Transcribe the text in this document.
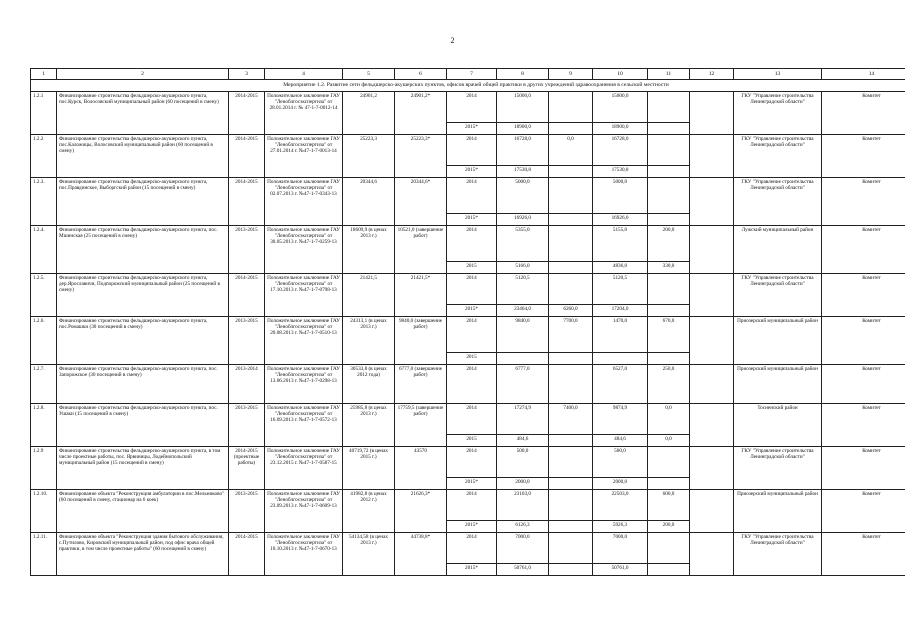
2
1	2	3	4	5	6	7	8	9	10	11	12	13	14
Мероприятие 1.2. Развитие сети фельдшерско-акушерских пунктов, офисов врачей общей практики в других учреждений здравоохранения в сельской местности													
1.2.1	Финансирование строительства фельдшерско-акушерского пункта, пос.Курск, Волосовский муниципальный район (60 посещений в смену)	2014-2015	Положительное заключение ГАУ "Леноблгосэкспертиза" от 28.01.2014 г. № 47-1-7-0012-14	24901,2	24901,2*	2014	15000,0		15000,0			ГКУ "Управление строительства Ленинградской области"	Комитет
						2015*	18900,0		18900,0				
1.2.2	Финансирование строительства фельдшерско-акушерского пункта, пос.Каложицы, Волосовский муниципальный район (60 посещений в смену)	2014-2015	Положительное заключение ГАУ "Леноблгосэкспертиза" от 27.01.2014 г. №47-1-7-0013-14	25223,3	25223,3*	2014	16728,0	0,0	16728,0			ГКУ "Управление строительства Ленинградской области"	Комитет
						2015*	17530,8		17530,8				
1.2.3.	Финансирование строительства фельдшерско-акушерского пункта, пос.Правдинское, Выборгский район (15 посещений в смену)	2014-2015	Положительное заключение ГАУ "Леноблгосэкспертиза" от 02.07.2013 г. №47-1-7-0343-13	20344,6	20344,6*	2014	5000,0		5000,0			ГКУ "Управление строительства Ленинградской области"	Комитет
						2015*	16926,0		16926,0				
1.2.4.	Финансирование строительства фельдшерско-акушерского пункта, пос. Мшинская (25 посещений в смену)	2013-2015	Положительное заключение ГАУ "Леноблгосэкспертиза" от 30.05.2013 г. №47-1-7-0259-13	18609,9 (в ценах 2013 г.)	10521,0 (завершение работ)	2014	5355,0		5155,0	200,0		Лужский муниципальный район	Комитет
						2015	5166,0		4836,0	330,0			
1.2.5.	Финансирование строительства фельдшерско-акушерского пункта, дер.Ярославичи, Подпорожский муниципальный район (25 посещений в смену)	2014-2015	Положительное заключение ГАУ "Леноблгосэкспертиза" от 17.10.2013 г. №47-1-7-0798-13	21421,5	21421,5*	2014	5120,5		5120,5			ГКУ "Управление строительства Ленинградской области"	Комитет
						2015*	23464,0	6260,0	17204,0				
1.2.6.	Финансирование строительства фельдшерско-акушерского пункта, пос.Ромашки (30 посещений в смену)	2013-2015	Положительное заключение ГАУ "Леноблгосэкспертиза" от 20.08.2013 г. №47-1-7-0510-13	24313,1 (в ценах 2013 г.)	9840,0 (завершение работ)	2014	9840,0	7700,0	1470,0	670,0		Приозерский муниципальный район	Комитет
						2015							
1.2.7.	Финансирование строительства фельдшерско-акушерского пункта, пос. Запорожское (30 посещений в смену)	2013-2014	Положительное заключение ГАУ "Леноблгосэкспертиза" от 13.06.2013 г. №47-1-7-0298-13	30533,8 (в ценах 2012 года)	6777,0 (завершение работ)	2014	6777,0		6527,0	250,0		Приозерский муниципальный район	Комитет
1.2.8.	Финансирование строительства фельдшерско-акушерского пункта, пос. Ушаки (15 посещений в смену)	2013-2015	Положительное заключение ГАУ "Леноблгосэкспертиза" от 16.09.2013 г. №47-1-7-0572-13	25985,8 (в ценах 2013 г.)	17759,5 (завершение работ)	2014	17274,9	7400,0	9874,9	0,0		Тосненский район	Комитет
						2015	484,6		484,6	0,0			
1.2.9	Финансирование строительства фельдшерско-акушерского пункта, в том числе проектные работы, пос. Ярвиницы, Лодейнопольский муниципальный район (15 посещений в смену)	2014-2015 (проектные работы)	Положительное заключение ГАУ "Леноблгосэкспертиза" от 23.12.2015 г. №47-1-7-0587-15	40719,72 (в ценах 2015 г.)	43570	2014	500,0		500,0			ГКУ "Управление строительства Ленинградской области"	Комитет
						2015*	2000,0		2000,0				
1.2.10.	Финансирование объекта "Реконструкция амбулатории в пос.Мельниково" (60 посещений в смену, стационар на 6 коек)	2013-2015	Положительное заключение ГАУ "Леноблгосэкспертиза" от 23.09.2013 г. №47-1-7-0609-13	41982,8 (в ценах 2012 г.)	21626,3*	2014	23103,0		22503,0	600,0		Приозерский муниципальный район	Комитет
						2015*	6126,3		5926,3	200,0			
1.2.11.	Финансирование объекта "Реконструкция здания бытового обслуживания, с.Путилово, Кировский муниципальный район, под офис врача общей практики, в том числе проектные работы" (60 посещений в смену)	2014-2015	Положительное заключение ГАУ "Леноблгосэкспертиза" от 10.10.2013 г. №47-1-7-0670-13	54134,58 (в ценах 2013 г.)	44738,8*	2014	7000,0		7000,0			ГКУ "Управление строительства Ленинградской области"	Комитет
						2015*	50761,0		50761,0				
